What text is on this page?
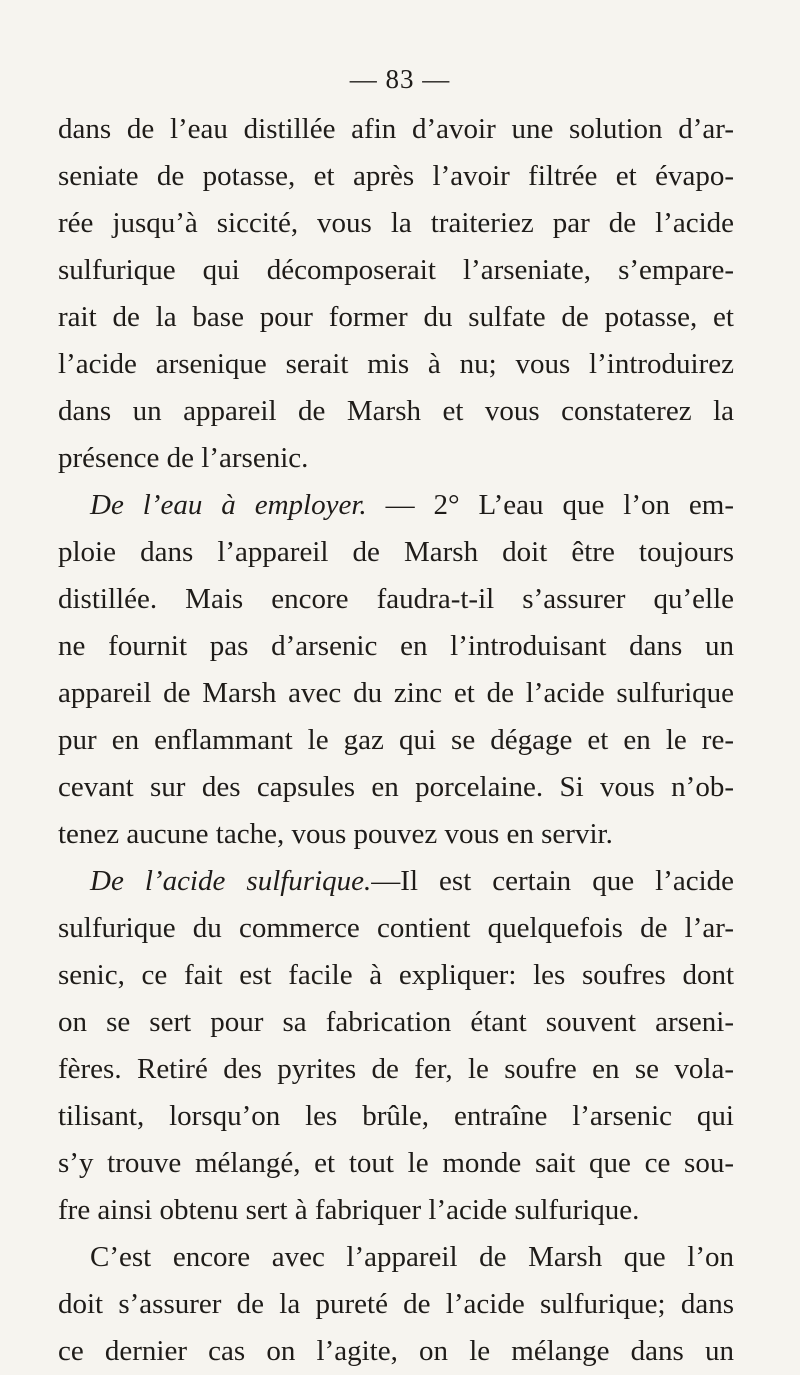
— 83 —
dans de l’eau distillée afin d’avoir une solution d’ar-
seniate de potasse, et après l’avoir filtrée et évapo-
rée jusqu’à siccité, vous la traiteriez par de l’acide
sulfurique qui décomposerait l’arseniate, s’empare-
rait de la base pour former du sulfate de potasse, et
l’acide arsenique serait mis à nu; vous l’introduirez
dans un appareil de Marsh et vous constaterez la
présence de l’arsenic.
De l’eau à employer. — 2° L’eau que l’on em-
ploie dans l’appareil de Marsh doit être toujours
distillée. Mais encore faudra-t-il s’assurer qu’elle
ne fournit pas d’arsenic en l’introduisant dans un
appareil de Marsh avec du zinc et de l’acide sulfurique
pur en enflammant le gaz qui se dégage et en le re-
cevant sur des capsules en porcelaine. Si vous n’ob-
tenez aucune tache, vous pouvez vous en servir.
De l’acide sulfurique.—Il est certain que l’acide
sulfurique du commerce contient quelquefois de l’ar-
senic, ce fait est facile à expliquer: les soufres dont
on se sert pour sa fabrication étant souvent arseni-
fères. Retiré des pyrites de fer, le soufre en se vola-
tilisant, lorsqu’on les brûle, entraîne l’arsenic qui
s’y trouve mélangé, et tout le monde sait que ce sou-
fre ainsi obtenu sert à fabriquer l’acide sulfurique.
C’est encore avec l’appareil de Marsh que l’on
doit s’assurer de la pureté de l’acide sulfurique; dans
ce dernier cas on l’agite, on le mélange dans un
